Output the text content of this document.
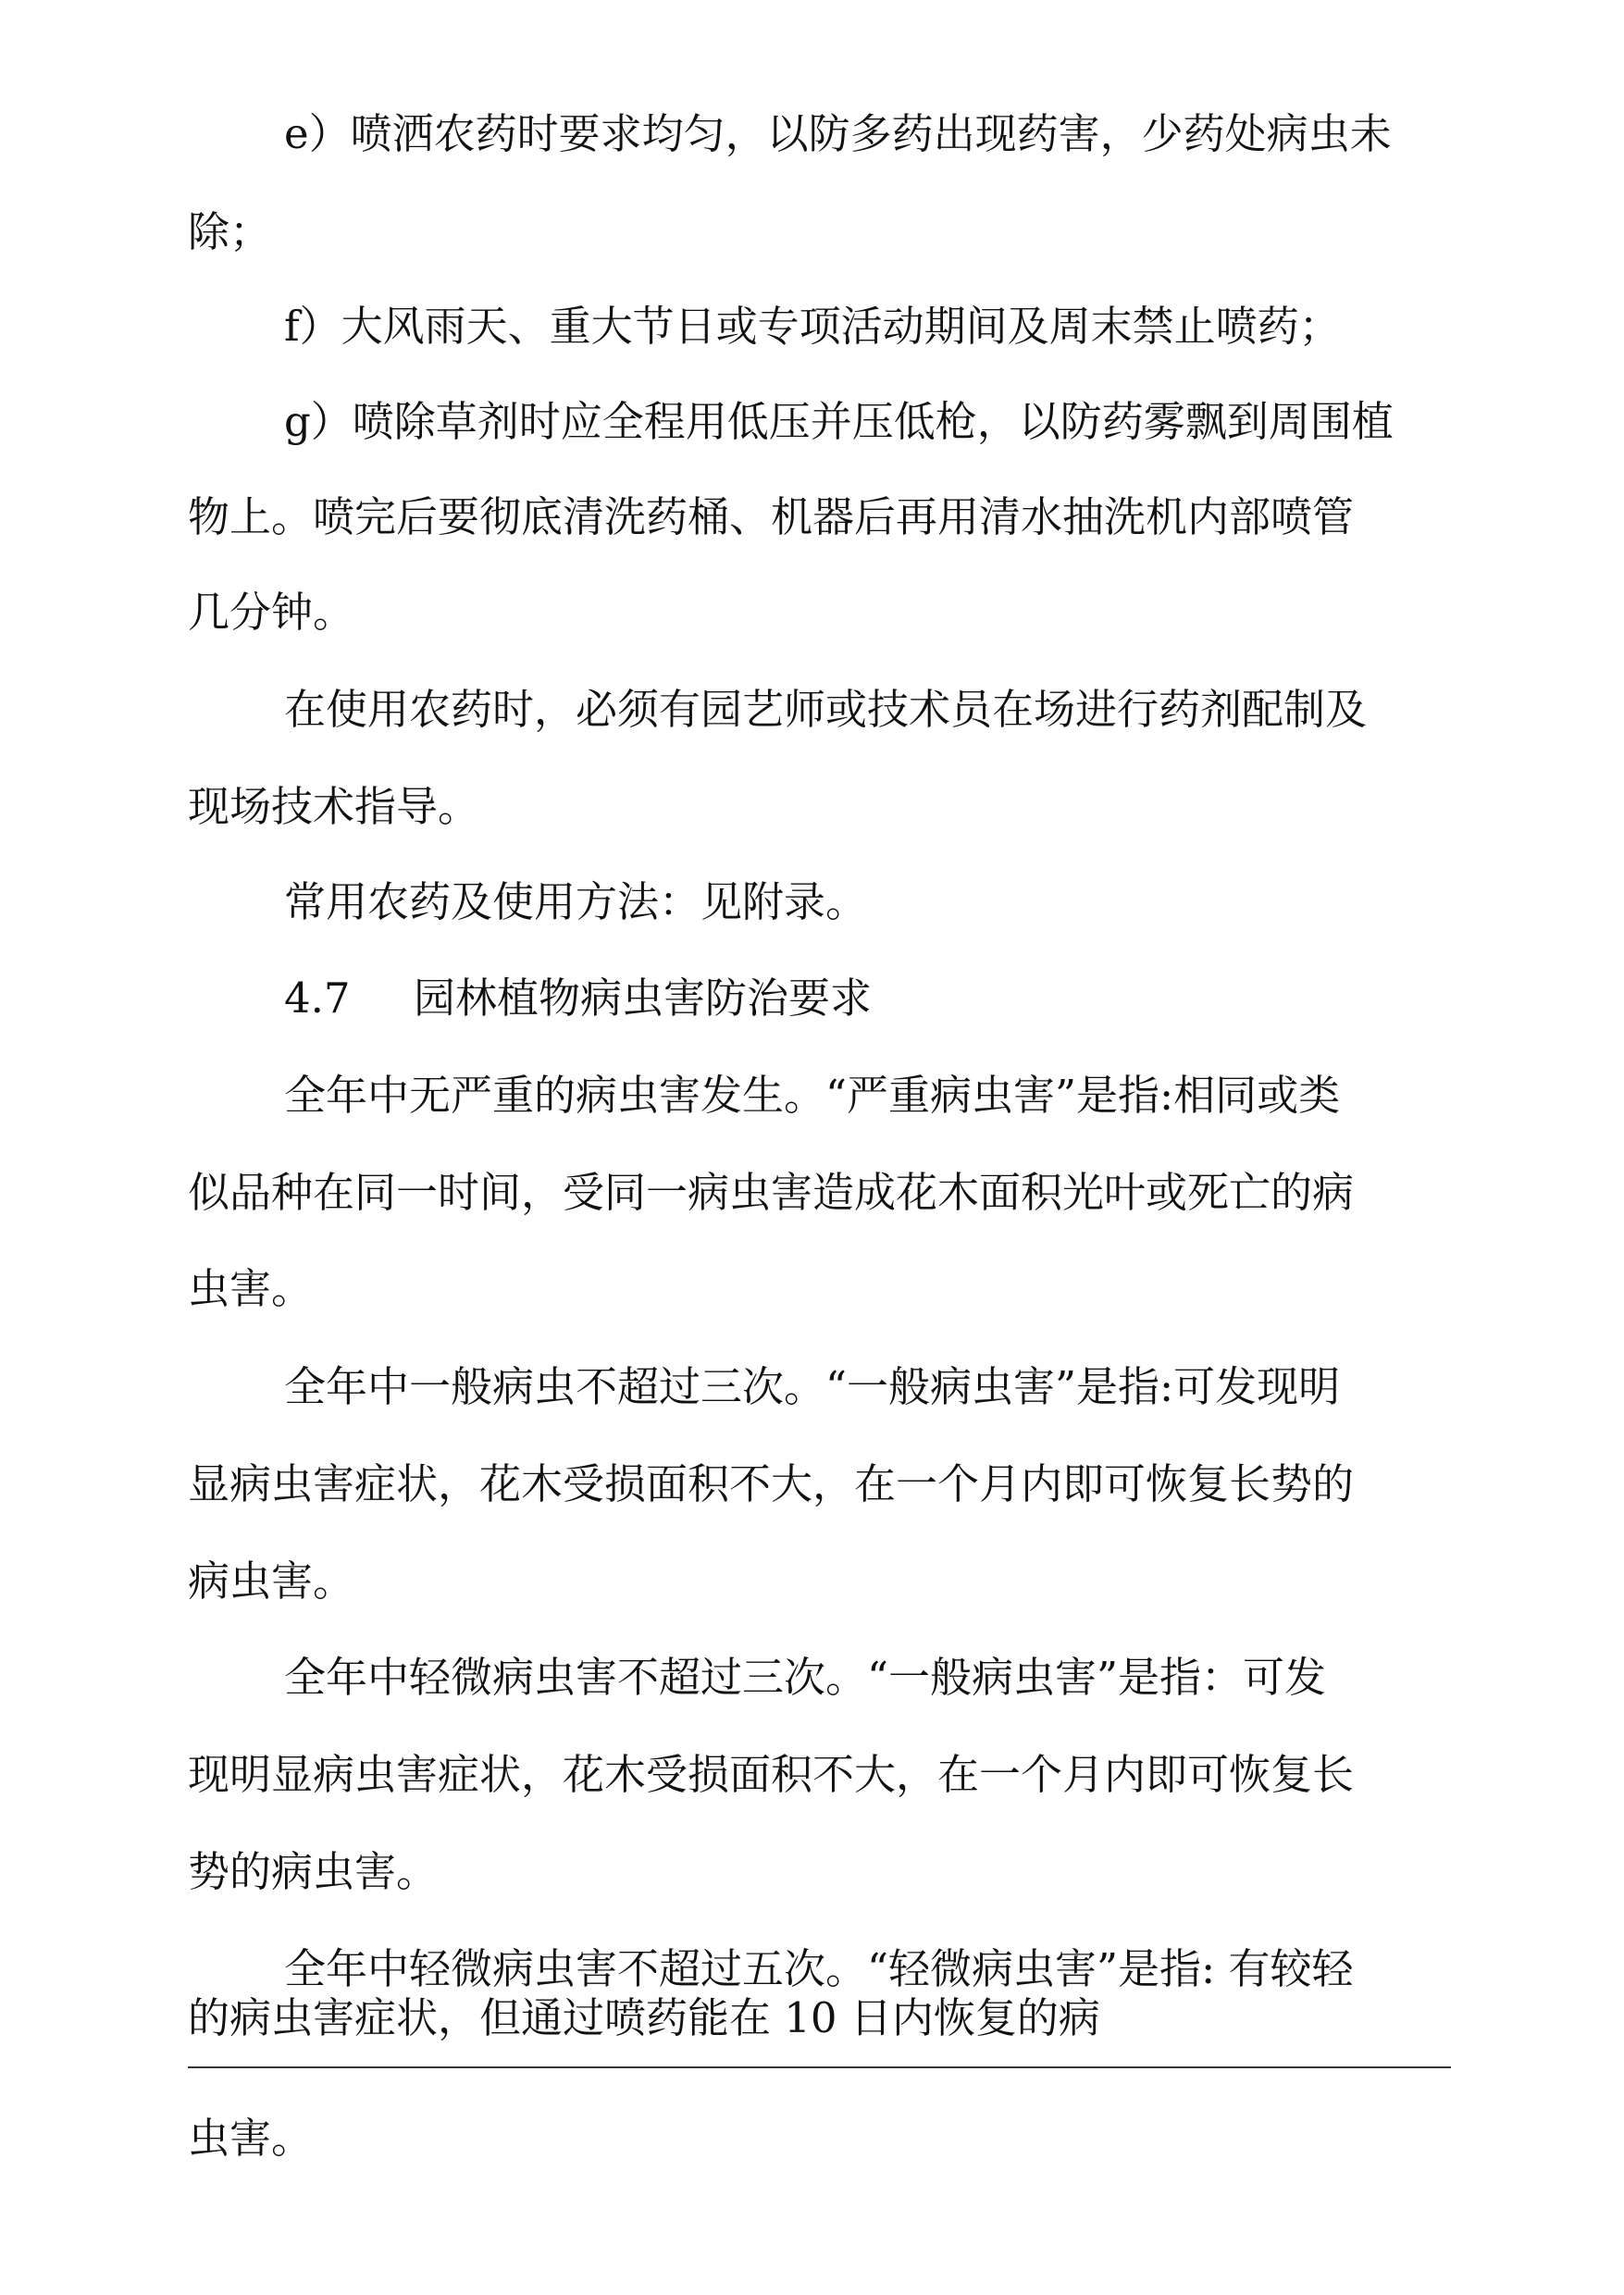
e）喷洒农药时要求均匀，以防多药出现药害，少药处病虫未
除；
f）大风雨天、重大节日或专项活动期间及周末禁止喷药；
g）喷除草剂时应全程用低压并压低枪，以防药雾飘到周围植
物上。喷完后要彻底清洗药桶、机器后再用清水抽洗机内部喷管
几分钟。
在使用农药时，必须有园艺师或技术员在场进行药剂配制及
现场技术指导。
常用农药及使用方法：见附录。
4.7 园林植物病虫害防治要求
全年中无严重的病虫害发生。“严重病虫害”是指:相同或类
似品种在同一时间，受同一病虫害造成花木面积光叶或死亡的病
虫害。
全年中一般病虫不超过三次。“一般病虫害”是指:可发现明
显病虫害症状，花木受损面积不大，在一个月内即可恢复长势的
病虫害。
全年中轻微病虫害不超过三次。“一般病虫害”是指：可发
现明显病虫害症状，花木受损面积不大，在一个月内即可恢复长
势的病虫害。
全年中轻微病虫害不超过五次。“轻微病虫害”是指: 有较轻
的病虫害症状，但通过喷药能在 10 日内恢复的病
虫害。
